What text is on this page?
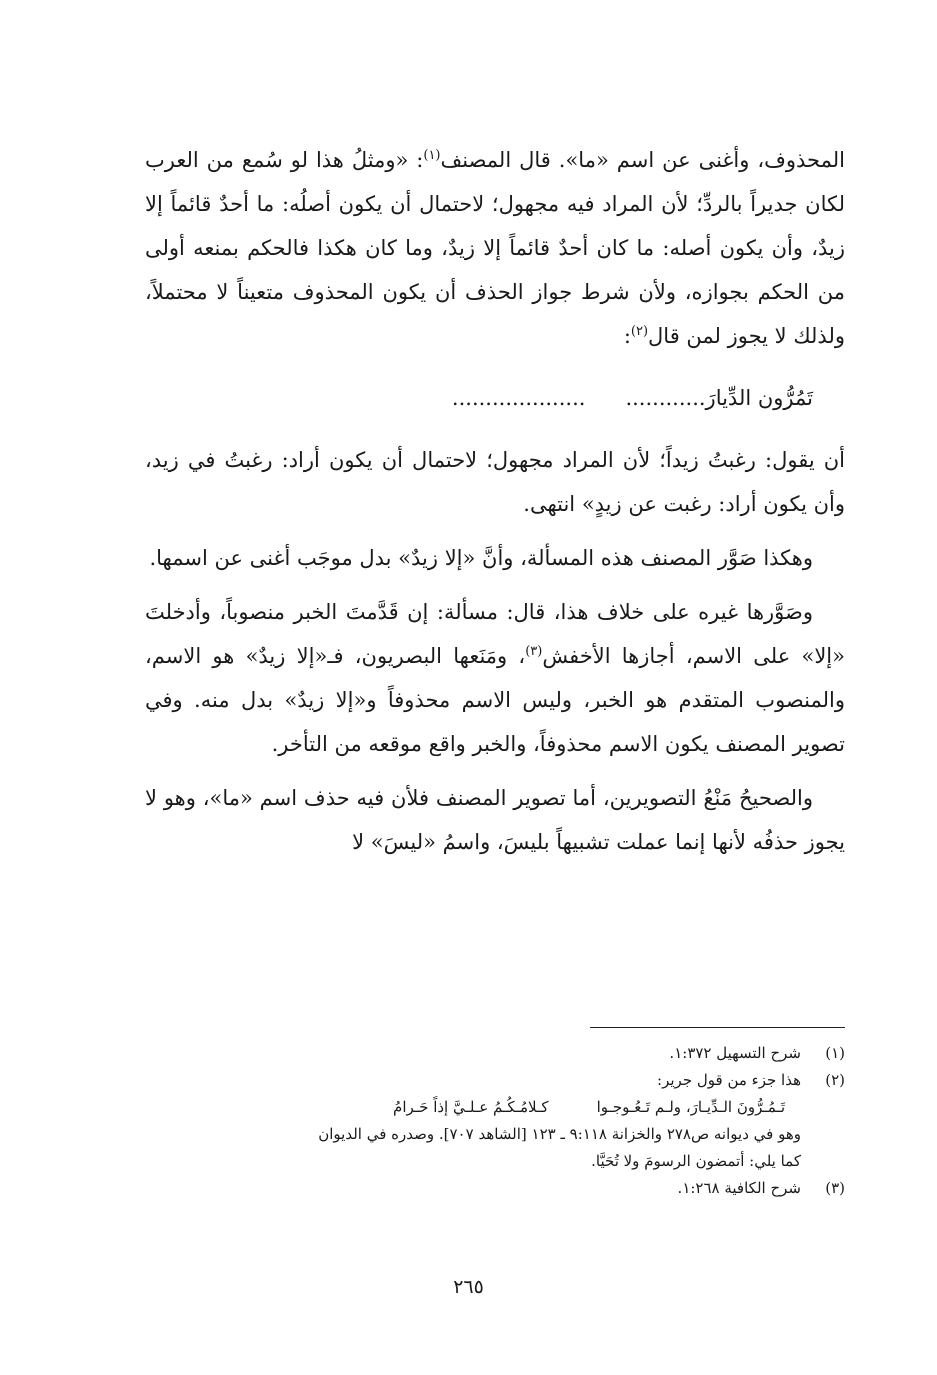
المحذوف، وأغنى عن اسم «ما». قال المصنف$^{(١)}$: «ومثلُ هذا لو سُمع من العرب لكان جديراً بالردِّ؛ لأن المراد فيه مجهول؛ لاحتمال أن يكون أصلُه: ما أحدٌ قائماً إلا زيدٌ، وأن يكون أصله: ما كان أحدٌ قائماً إلا زيدٌ، وما كان هكذا فالحكم بمنعه أولى من الحكم بجوازه، ولأن شرط جواز الحذف أن يكون المحذوف متعيناً لا محتملاً، ولذلك لا يجوز لمن قال$^{(٢)}$:

تَمُرُّون الدِّيارَ................................

أن يقول: رغبتُ زيداً؛ لأن المراد مجهول؛ لاحتمال أن يكون أراد: رغبتُ في زيد، وأن يكون أراد: رغبت عن زيدٍ» انتهى.

وهكذا صَوَّر المصنف هذه المسألة، وأنَّ «إلا زيدٌ» بدل موجَب أغنى عن اسمها.

وصَوَّرها غيره على خلاف هذا، قال: مسألة: إن قَدَّمتَ الخبر منصوباً، وأدخلتَ «إلا» على الاسم، أجازها الأخفش$^{(٣)}$، ومَنَعها البصريون، فـ«إلا زيدٌ» هو الاسم، والمنصوب المتقدم هو الخبر، وليس الاسم محذوفاً و«إلا زيدٌ» بدل منه. وفي تصوير المصنف يكون الاسم محذوفاً، والخبر واقع موقعه من التأخر.

والصحيحُ مَنْعُ التصويرين، أما تصوير المصنف فلأن فيه حذف اسم «ما»، وهو لا يجوز حذفُه لأنها إنما عملت تشبيهاً بليسَ، واسمُ «ليسَ» لا

(١)
شرح التسهيل ١:٣٧٢.
(٢)
هذا جزء من قول جرير:
تَـمُـرُّونَ الـدِّيـارَ، ولـم تَـعُـوجـواكـلامُـكُـمُ عـلـيَّ إذاً حَـرامُ
وهو في ديوانه ص٢٧٨ والخزانة ٩:١١٨ ـ ١٢٣ [الشاهد ٧٠٧]. وصدره في الديوان
كما يلي: أتمضون الرسومَ ولا تُحَيَّا.
(٣)
شرح الكافية ١:٢٦٨.
٢٦٥
